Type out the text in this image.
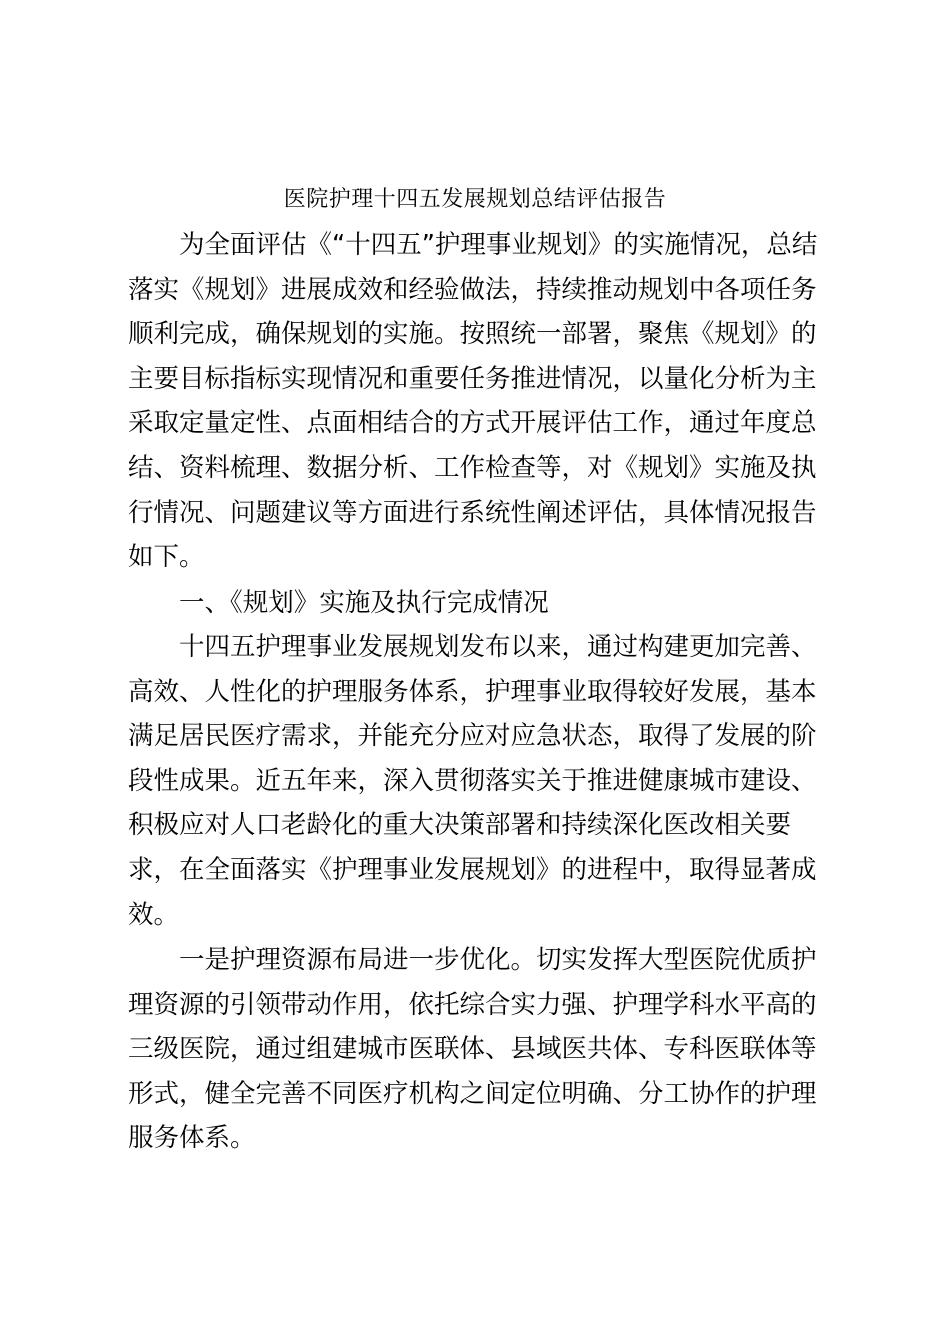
医院护理十四五发展规划总结评估报告
为全面评估《“十四五”护理事业规划》的实施情况，总结
落实《规划》进展成效和经验做法，持续推动规划中各项任务
顺利完成，确保规划的实施。按照统一部署，聚焦《规划》的
主要目标指标实现情况和重要任务推进情况，以量化分析为主
采取定量定性、点面相结合的方式开展评估工作，通过年度总
结、资料梳理、数据分析、工作检查等，对《规划》实施及执
行情况、问题建议等方面进行系统性阐述评估，具体情况报告
如下。
一、《规划》实施及执行完成情况
十四五护理事业发展规划发布以来，通过构建更加完善、
高效、人性化的护理服务体系，护理事业取得较好发展，基本
满足居民医疗需求，并能充分应对应急状态，取得了发展的阶
段性成果。近五年来，深入贯彻落实关于推进健康城市建设、
积极应对人口老龄化的重大决策部署和持续深化医改相关要
求，在全面落实《护理事业发展规划》的进程中，取得显著成
效。
一是护理资源布局进一步优化。切实发挥大型医院优质护
理资源的引领带动作用，依托综合实力强、护理学科水平高的
三级医院，通过组建城市医联体、县域医共体、专科医联体等
形式，健全完善不同医疗机构之间定位明确、分工协作的护理
服务体系。
